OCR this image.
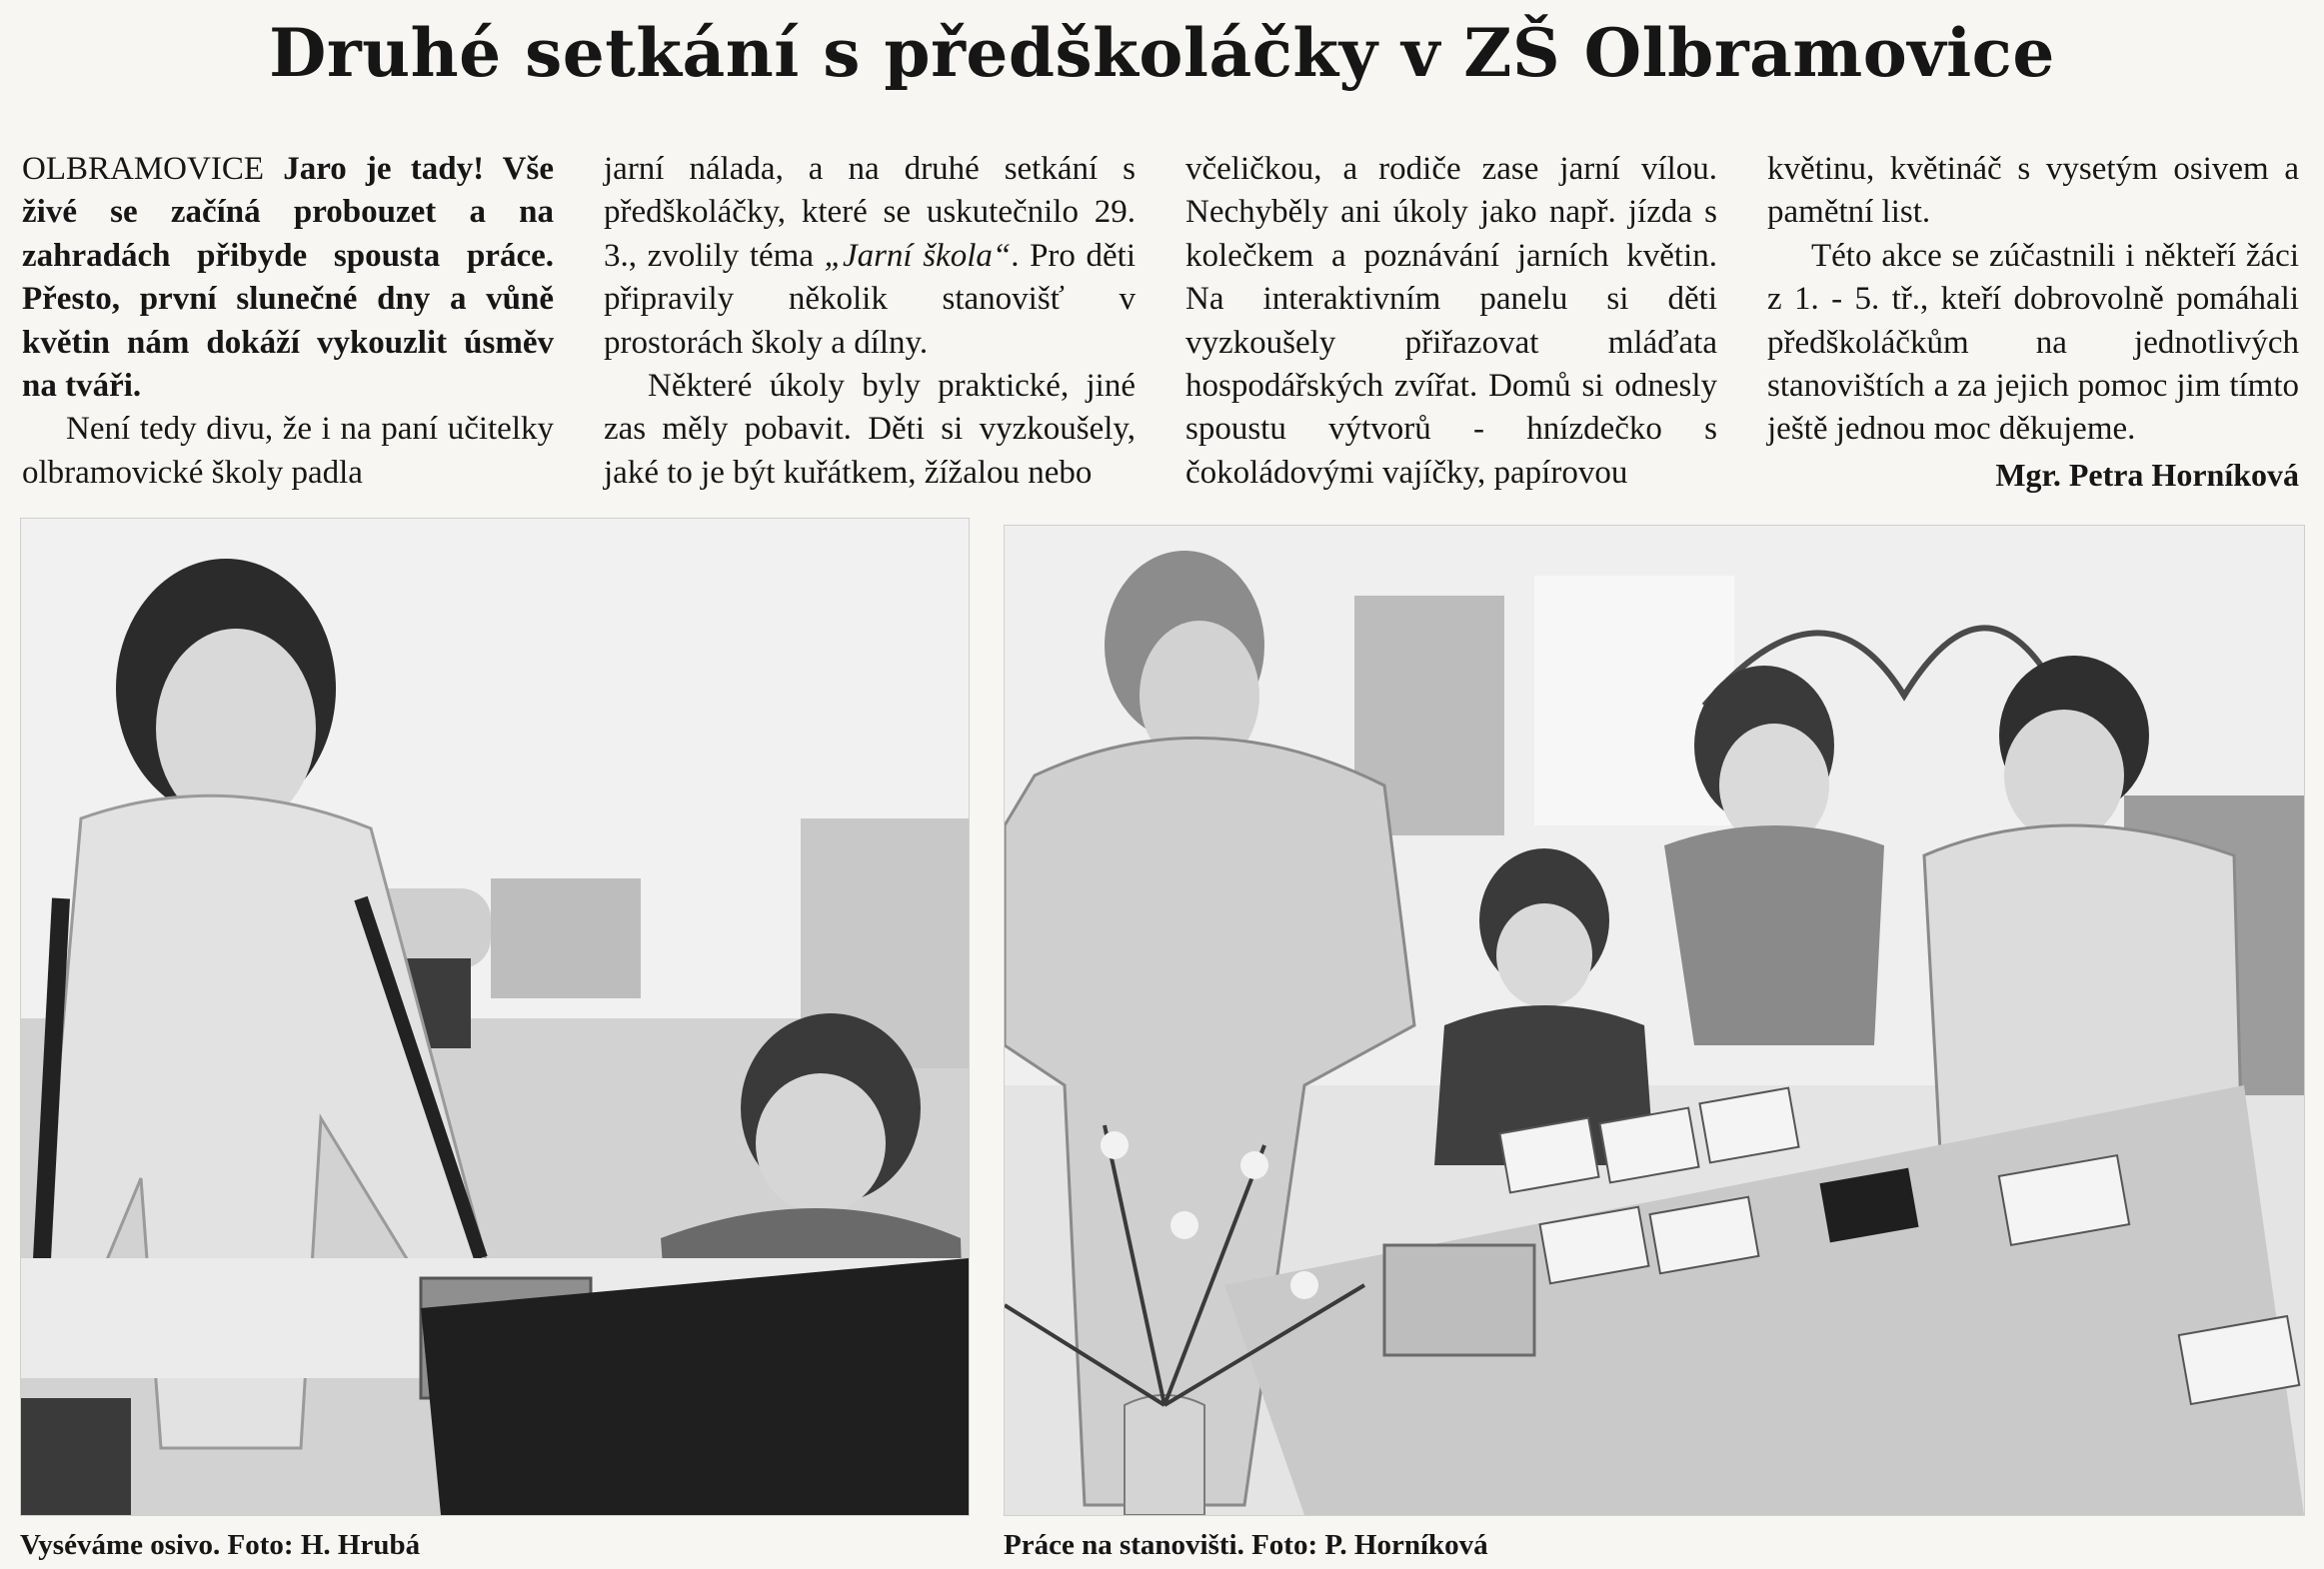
Druhé setkání s předškoláčky v ZŠ Olbramovice

OLBRAMOVICE Jaro je tady! Vše živé se začíná probouzet a na zahradách přibyde spousta práce. Přesto, první slunečné dny a vůně květin nám dokáží vykouzlit úsměv na tváři.

Není tedy divu, že i na paní učitelky olbramovické školy padla

jarní nálada, a na druhé setkání s předškoláčky, které se uskutečnilo 29. 3., zvolily téma „Jarní škola“. Pro děti připravily několik stanovišť v prostorách školy a dílny.

Některé úkoly byly praktické, jiné zas měly pobavit. Děti si vyzkoušely, jaké to je být kuřátkem, žížalou nebo

včeličkou, a rodiče zase jarní vílou. Nechyběly ani úkoly jako např. jízda s kolečkem a poznávání jarních květin. Na interaktivním panelu si děti vyzkoušely přiřazovat mláďata hospodářských zvířat. Domů si odnesly spoustu výtvorů - hnízdečko s čokoládovými vajíčky, papírovou

květinu, květináč s vysetým osivem a pamětní list.

Této akce se zúčastnili i někteří žáci z 1. - 5. tř., kteří dobrovolně pomáhali předškoláčkům na jednotlivých stanovištích a za jejich pomoc jim tímto ještě jednou moc děkujeme.

Mgr. Petra Horníková
Vyséváme osivo. Foto: H. Hrubá	Práce na stanovišti. Foto: P. Horníková
